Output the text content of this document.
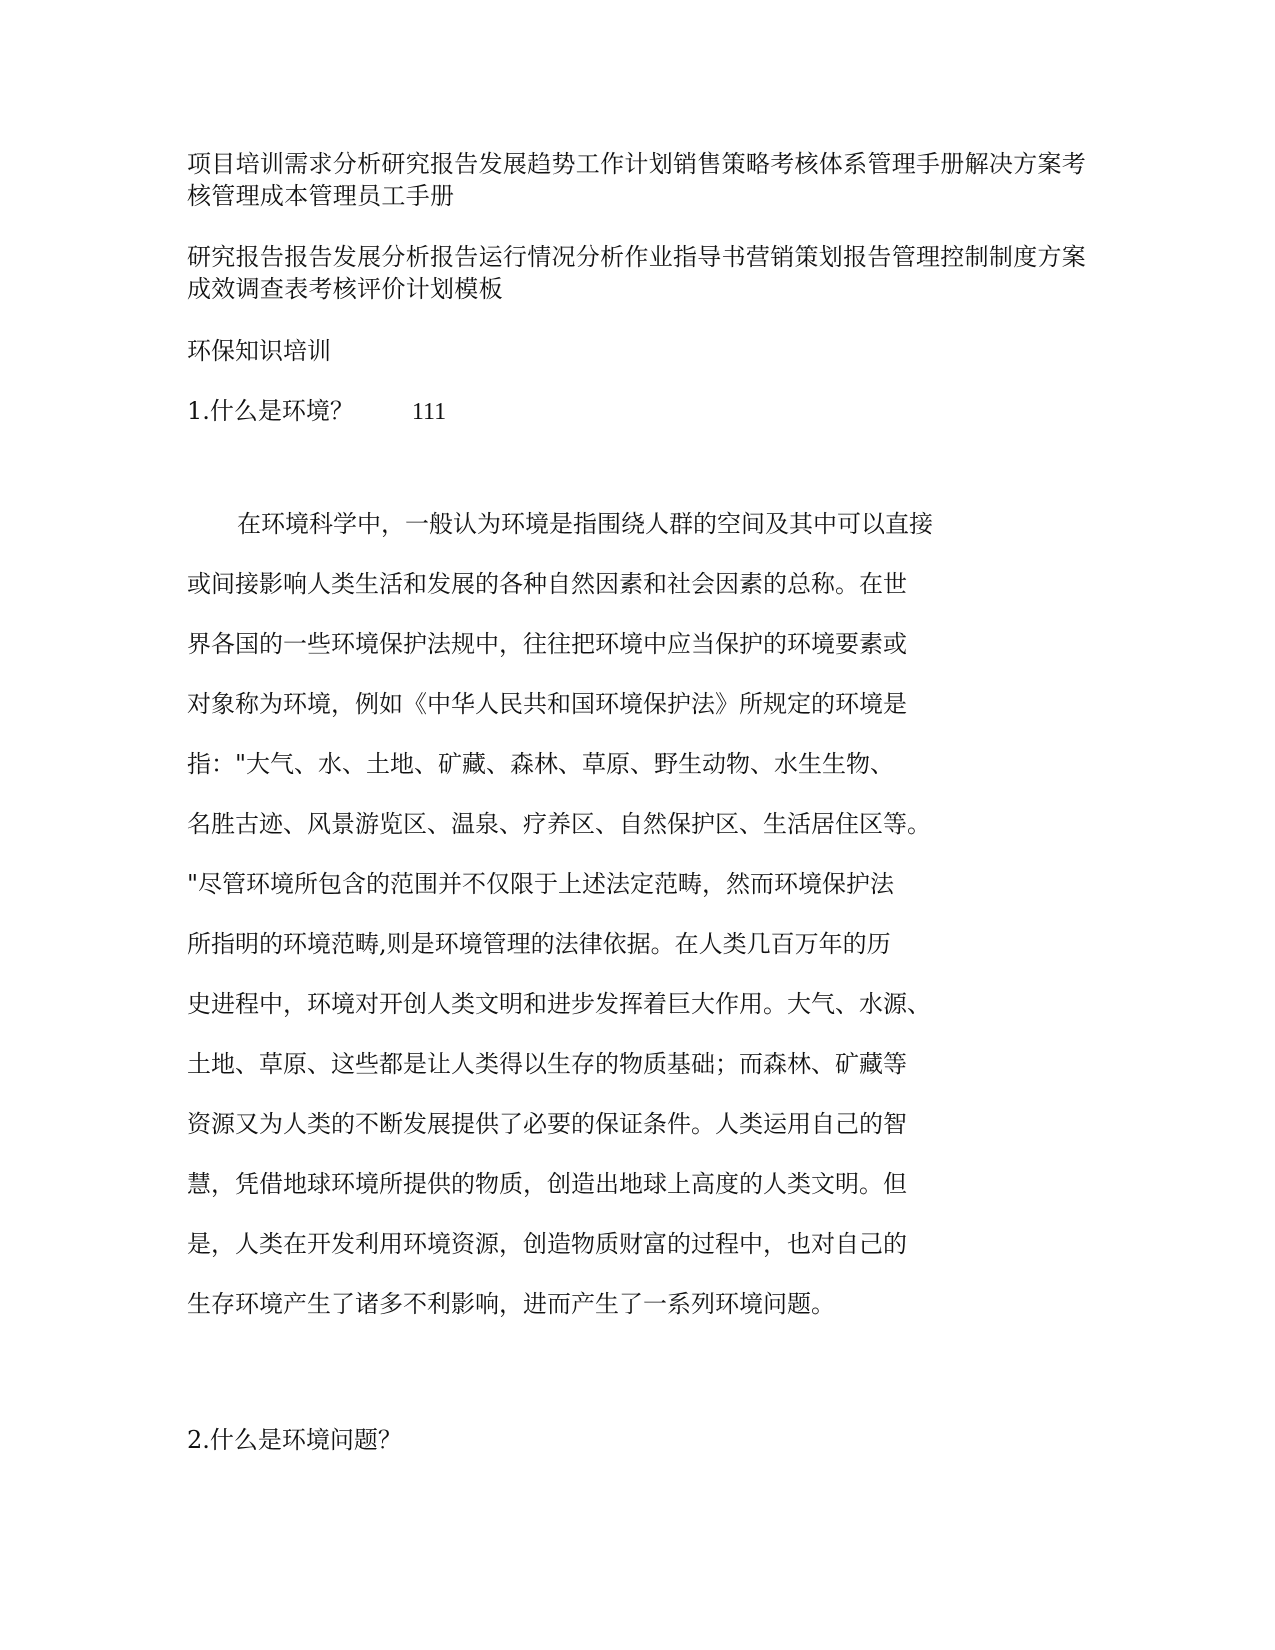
项目培训需求分析研究报告发展趋势工作计划销售策略考核体系管理手册解决方案考核管理成本管理员工手册
研究报告报告发展分析报告运行情况分析作业指导书营销策划报告管理控制制度方案成效调查表考核评价计划模板
环保知识培训
1.什么是环境？ 111
在环境科学中，一般认为环境是指围绕人群的空间及其中可以直接
或间接影响人类生活和发展的各种自然因素和社会因素的总称。在世
界各国的一些环境保护法规中，往往把环境中应当保护的环境要素或
对象称为环境，例如《中华人民共和国环境保护法》所规定的环境是
指："大气、水、土地、矿藏、森林、草原、野生动物、水生生物、
名胜古迹、风景游览区、温泉、疗养区、自然保护区、生活居住区等。
"尽管环境所包含的范围并不仅限于上述法定范畴，然而环境保护法
所指明的环境范畴,则是环境管理的法律依据。在人类几百万年的历
史进程中，环境对开创人类文明和进步发挥着巨大作用。大气、水源、
土地、草原、这些都是让人类得以生存的物质基础；而森林、矿藏等
资源又为人类的不断发展提供了必要的保证条件。人类运用自己的智
慧，凭借地球环境所提供的物质，创造出地球上高度的人类文明。但
是，人类在开发利用环境资源，创造物质财富的过程中，也对自己的
生存环境产生了诸多不利影响，进而产生了一系列环境问题。
2.什么是环境问题？
